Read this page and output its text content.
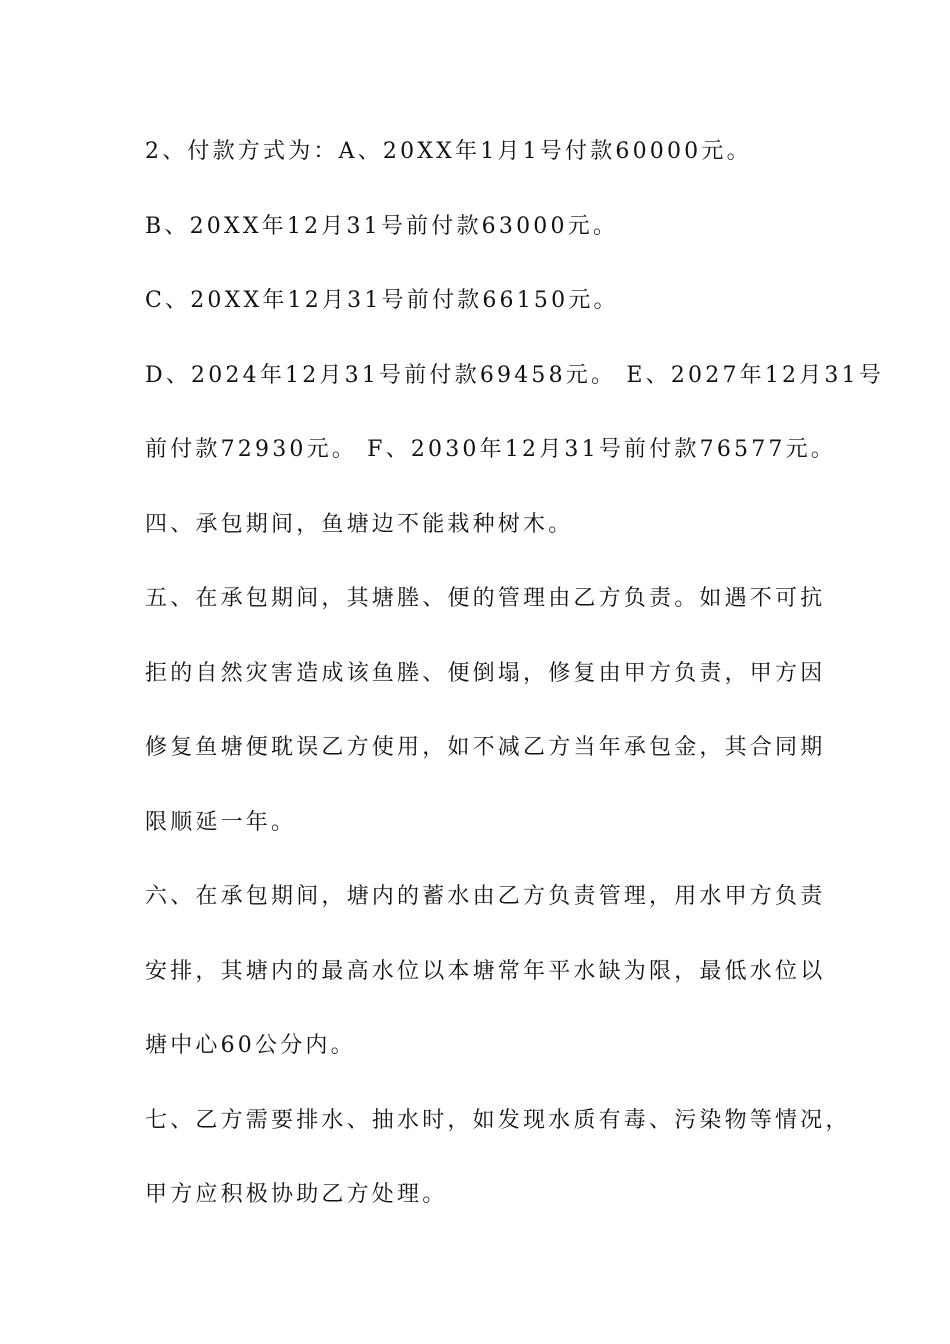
2、付款方式为：A、20XX年1月1号付款60000元。
B、20XX年12月31号前付款63000元。
C、20XX年12月31号前付款66150元。
D、2024年12月31号前付款69458元。 E、2027年12月31号
前付款72930元。 F、2030年12月31号前付款76577元。
四、承包期间，鱼塘边不能栽种树木。
五、在承包期间，其塘塍、便的管理由乙方负责。如遇不可抗
拒的自然灾害造成该鱼塍、便倒塌，修复由甲方负责，甲方因
修复鱼塘便耽误乙方使用，如不减乙方当年承包金，其合同期
限顺延一年。
六、在承包期间，塘内的蓄水由乙方负责管理，用水甲方负责
安排，其塘内的最高水位以本塘常年平水缺为限，最低水位以
塘中心60公分内。
七、乙方需要排水、抽水时，如发现水质有毒、污染物等情况，
甲方应积极协助乙方处理。
